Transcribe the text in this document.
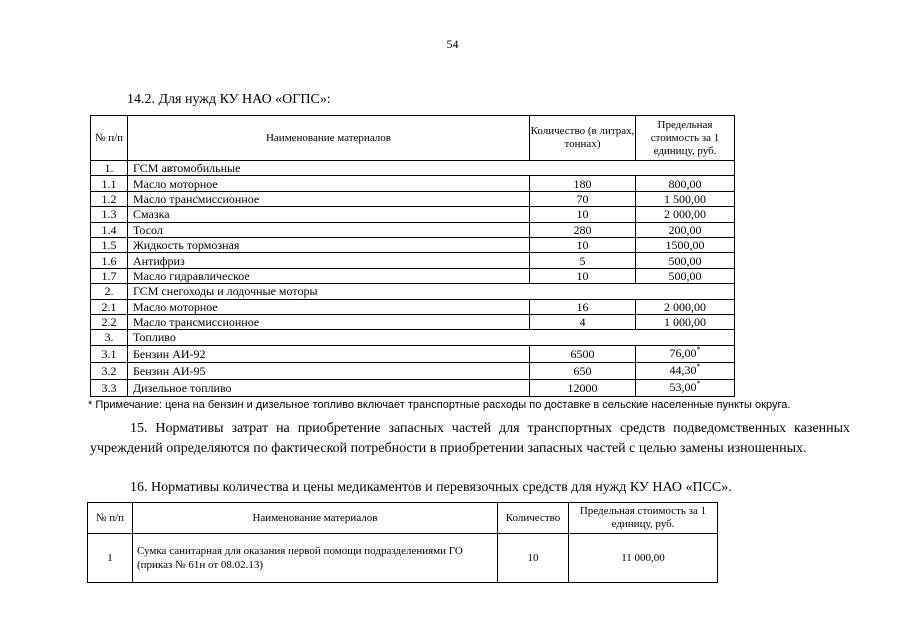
54
14.2. Для нужд КУ НАО «ОГПС»:
№ п/п	Наименование материалов	Количество (в литрах, тоннах)	Предельная стоимость за 1 единицу, руб.
1.	ГСМ автомобильные		
1.1	Масло моторное	180	800,00
1.2	Масло трансмиссионное	70	1 500,00
1.3	Смазка	10	2 000,00
1.4	Тосол	280	200,00
1.5	Жидкость тормозная	10	1500,00
1.6	Антифриз	5	500,00
1.7	Масло гидравлическое	10	500,00
2.	ГСМ снегоходы и лодочные моторы		
2.1	Масло моторное	16	2 000,00
2.2	Масло трансмиссионное	4	1 000,00
3.	Топливо		
3.1	Бензин АИ-92	6500	76,00*
3.2	Бензин АИ-95	650	44,30*
3.3	Дизельное топливо	12000	53,00*
* Примечание: цена на бензин и дизельное топливо включает транспортные расходы по доставке в сельские населенные пункты округа.
15. Нормативы затрат на приобретение запасных частей для транспортных средств подведомственных казенных учреждений определяются по фактической потребности в приобретении запасных частей с целью замены изношенных.
16. Нормативы количества и цены медикаментов и перевязочных средств для нужд КУ НАО «ПСС».
№ п/п	Наименование материалов	Количество	Предельная стоимость за 1 единицу, руб.
1	Сумка санитарная для оказания первой помощи подразделениями ГО (приказ № 61н от 08.02.13)	10	11 000,00
